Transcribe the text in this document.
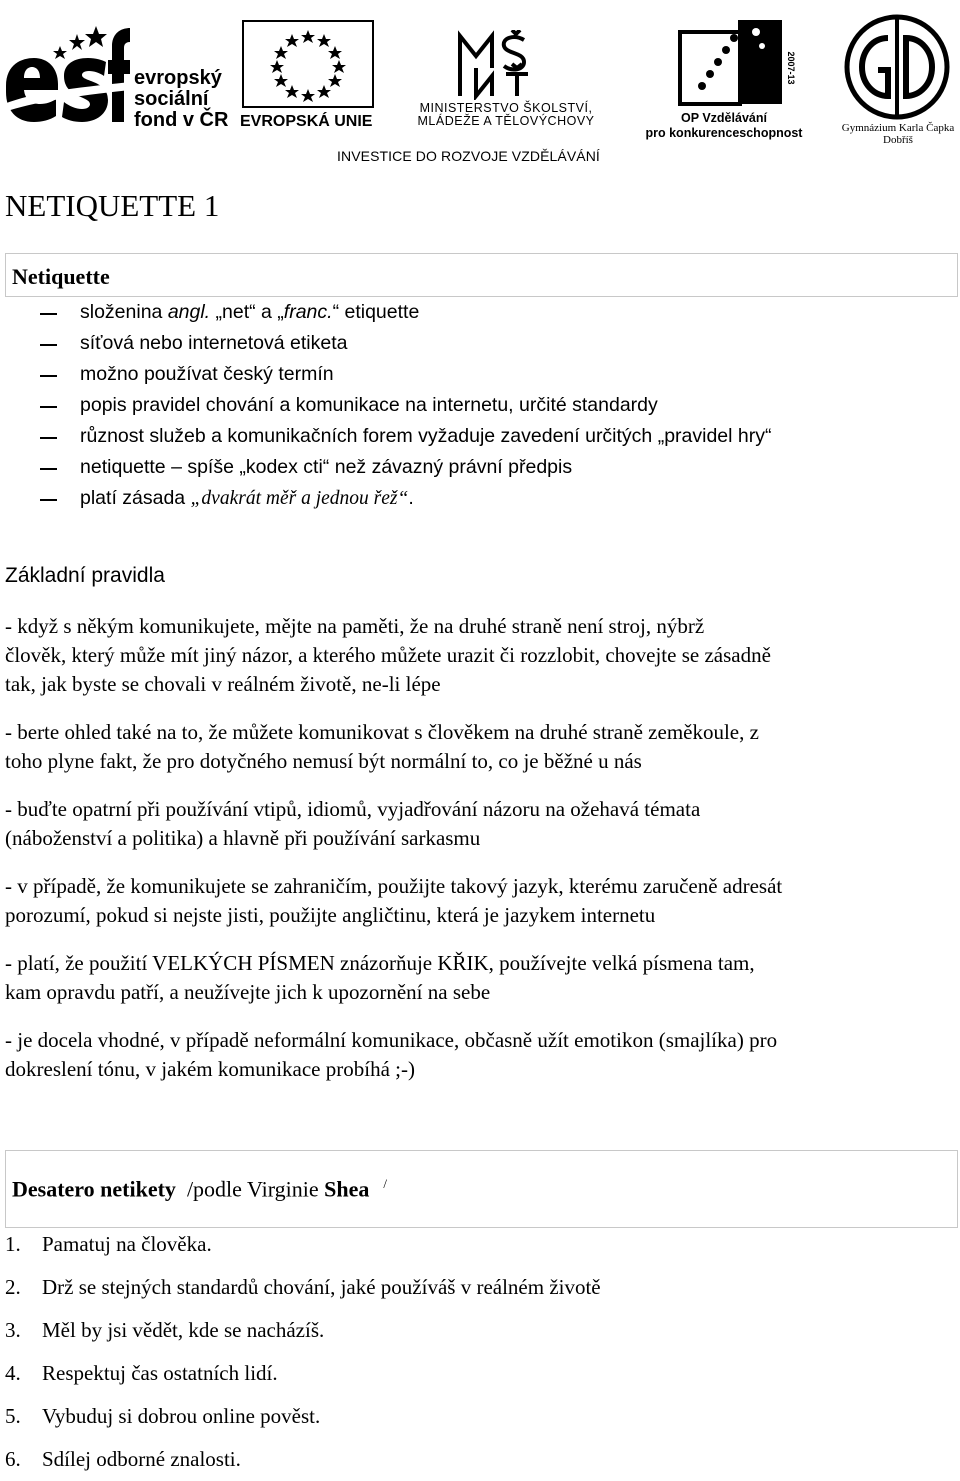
evropský
sociální
fond v ČR EVROPSKÁ UNIE
MINISTERSTVO ŠKOLSTVÍ,
MLÁDEŽE A TĚLOVÝCHOVY
2007-13
OP Vzdělávání
pro konkurenceschopnost	Gymnázium Karla Čapka
Dobříš
INVESTICE DO ROZVOJE VZDĚLÁVÁNÍ
NETIQUETTE 1
Netiquette
složenina angl. „net“ a „franc.“ etiquette
síťová nebo internetová etiketa
možno používat český termín
popis pravidel chování a komunikace na internetu, určité standardy
různost služeb a komunikačních forem vyžaduje zavedení určitých „pravidel hry“
netiquette – spíše „kodex cti“ než závazný právní předpis
platí zásada „dvakrát měř a jednou řež“.
Základní pravidla
- když s někým komunikujete, mějte na paměti, že na druhé straně není stroj, nýbrž
člověk, který může mít jiný názor, a kterého můžete urazit či rozzlobit, chovejte se zásadně
tak, jak byste se chovali v reálném životě, ne-li lépe
- berte ohled také na to, že můžete komunikovat s člověkem na druhé straně zeměkoule, z
toho plyne fakt, že pro dotyčného nemusí být normální to, co je běžné u nás
- buďte opatrní při používání vtipů, idiomů, vyjadřování názoru na ožehavá témata
(náboženství a politika) a hlavně při používání sarkasmu
- v případě, že komunikujete se zahraničím, použijte takový jazyk, kterému zaručeně adresát
porozumí, pokud si nejste jisti, použijte angličtinu, která je jazykem internetu
- platí, že použití VELKÝCH PÍSMEN znázorňuje KŘIK, používejte velká písmena tam,
kam opravdu patří, a neužívejte jich k upozornění na sebe
- je docela vhodné, v případě neformální komunikace, občasně užít emotikon (smajlíka) pro
dokreslení tónu, v jakém komunikace probíhá ;-)
Desatero netikety  /podle Virginie Shea /
1. Pamatuj na člověka.
2. Drž se stejných standardů chování, jaké používáš v reálném životě
3. Měl by jsi vědět, kde se nacházíš.
4. Respektuj čas ostatních lidí.
5. Vybuduj si dobrou online pověst.
6. Sdílej odborné znalosti.
